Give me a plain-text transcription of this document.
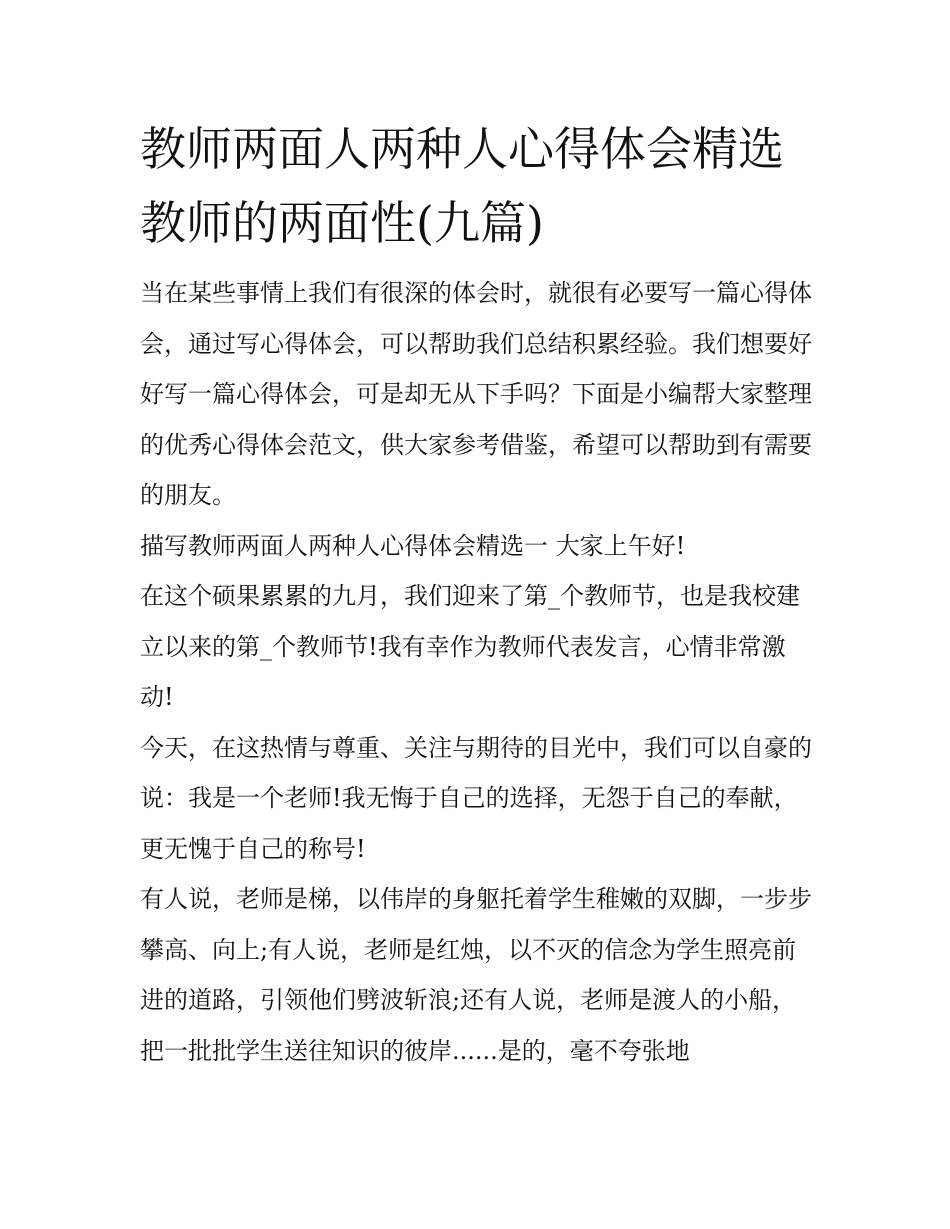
教师两面人两种人心得体会精选 教师的两面性(九篇)

当在某些事情上我们有很深的体会时，就很有必要写一篇心得体会，通过写心得体会，可以帮助我们总结积累经验。我们想要好好写一篇心得体会，可是却无从下手吗？下面是小编帮大家整理的优秀心得体会范文，供大家参考借鉴，希望可以帮助到有需要的朋友。

描写教师两面人两种人心得体会精选一 大家上午好!

在这个硕果累累的九月，我们迎来了第_个教师节，也是我校建立以来的第_个教师节!我有幸作为教师代表发言，心情非常激动!

今天，在这热情与尊重、关注与期待的目光中，我们可以自豪的说：我是一个老师!我无悔于自己的选择，无怨于自己的奉献，更无愧于自己的称号!

有人说，老师是梯，以伟岸的身躯托着学生稚嫩的双脚，一步步攀高、向上;有人说，老师是红烛，以不灭的信念为学生照亮前进的道路，引领他们劈波斩浪;还有人说，老师是渡人的小船，把一批批学生送往知识的彼岸......是的，毫不夸张地
